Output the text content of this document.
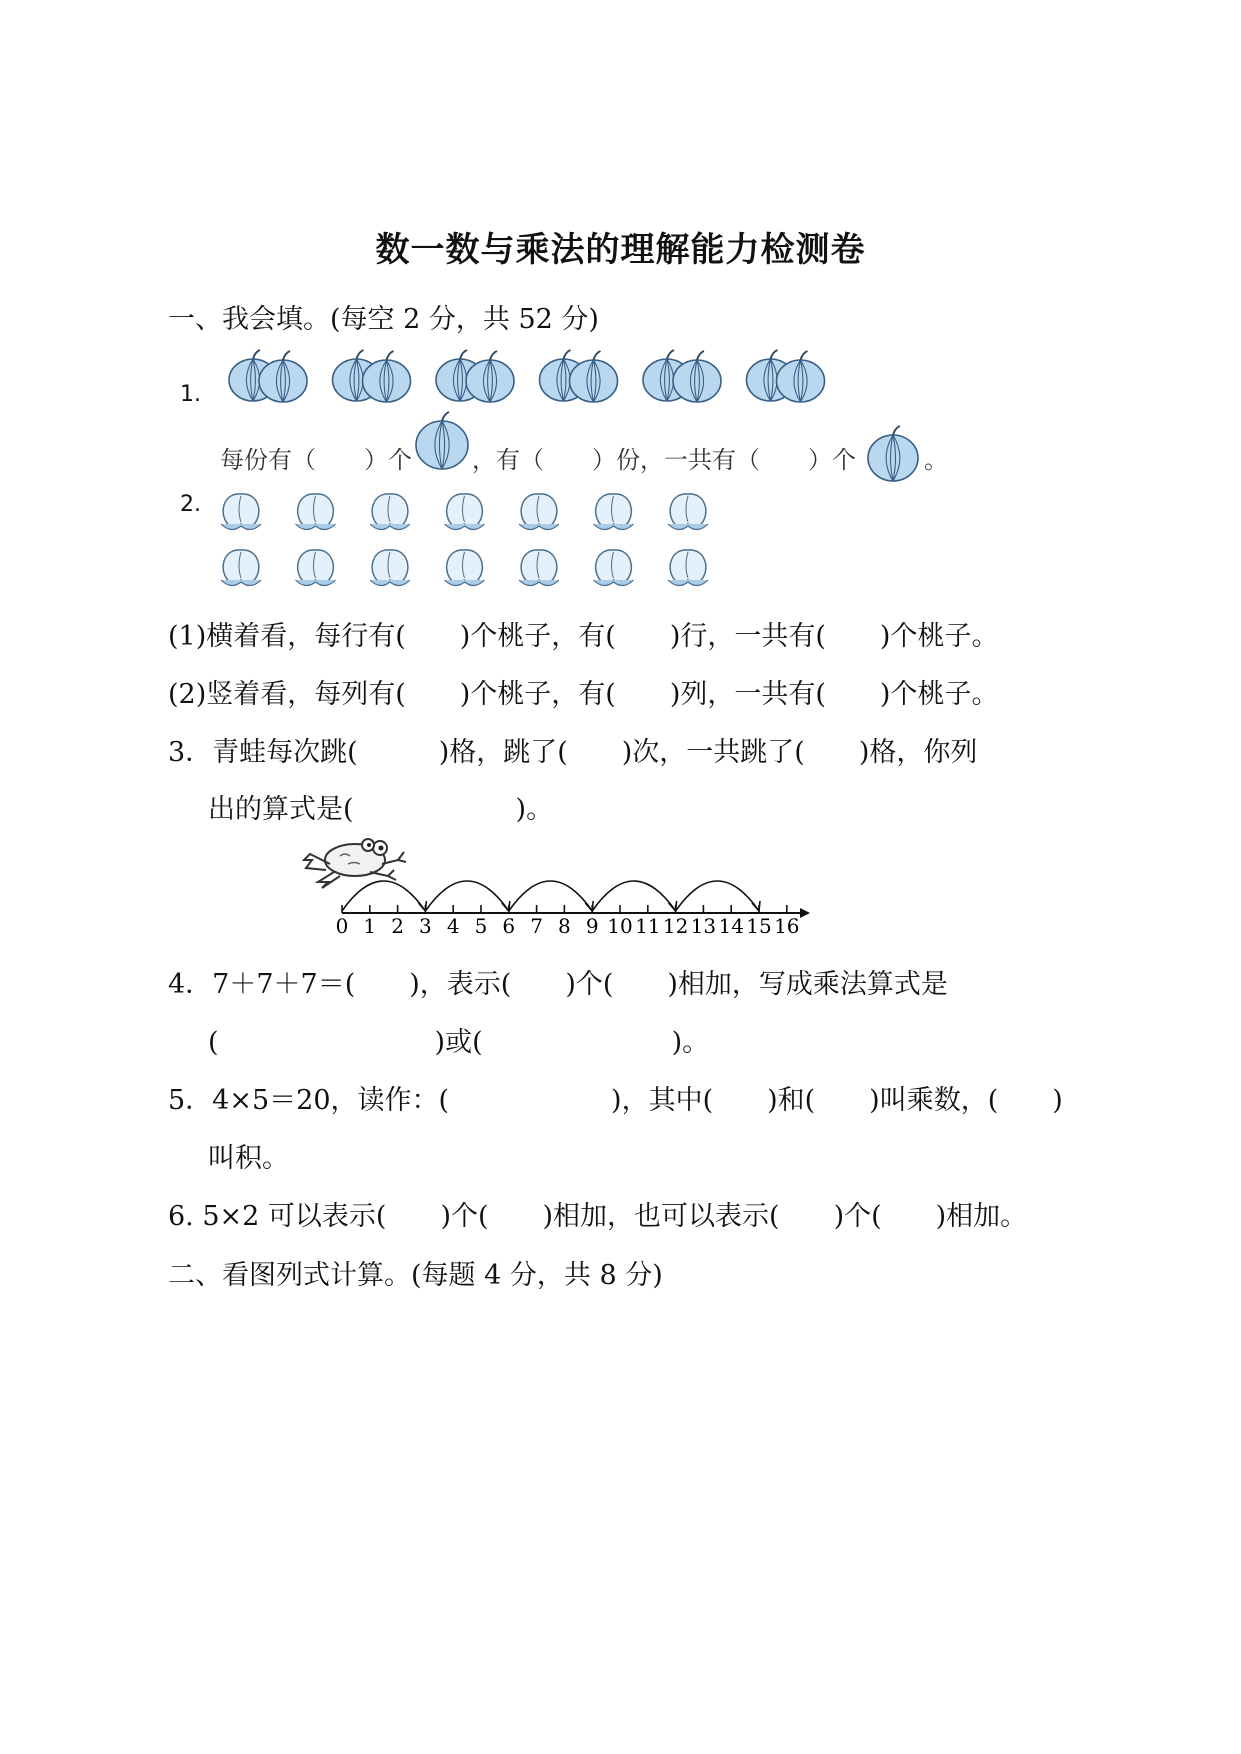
数一数与乘法的理解能力检测卷
一、我会填。(每空 2 分，共 52 分)
1.
每份有（　　）个	，有（　　）份，一共有（　　）个	。
2.
(1)横着看，每行有(　　)个桃子，有(　　)行，一共有(　　)个桃子。
(2)竖着看，每列有(　　)个桃子，有(　　)列，一共有(　　)个桃子。
3．青蛙每次跳(　　　)格，跳了(　　)次，一共跳了(　　)格，你列
出的算式是(　　　　　　)。
0 1 2 3 4 5 6 7 8 9 10 11 12 13 14 15 16
4．7＋7＋7＝(　　)，表示(　　)个(　　)相加，写成乘法算式是
(　　　　　　　　)或(　　　　　　　)。
5．4×5＝20，读作：(　　　　　　)，其中(　　)和(　　)叫乘数，(　　)
叫积。
6. 5×2 可以表示(　　)个(　　)相加，也可以表示(　　)个(　　)相加。
二、看图列式计算。(每题 4 分，共 8 分)
